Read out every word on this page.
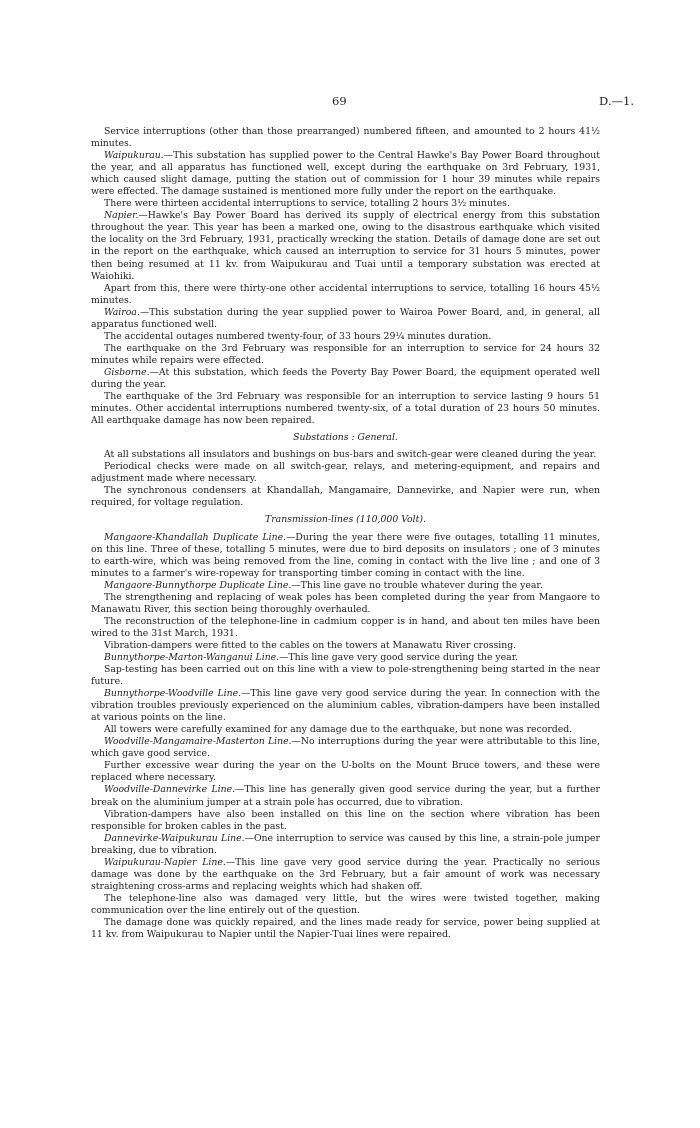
69	D.—1.

Service interruptions (other than those prearranged) numbered fifteen, and amounted to 2 hours 41½ minutes.

Waipukurau.—This substation has supplied power to the Central Hawke's Bay Power Board throughout the year, and all apparatus has functioned well, except during the earthquake on 3rd February, 1931, which caused slight damage, putting the station out of commission for 1 hour 39 minutes while repairs were effected. The damage sustained is mentioned more fully under the report on the earthquake.

There were thirteen accidental interruptions to service, totalling 2 hours 3½ minutes.

Napier.—Hawke's Bay Power Board has derived its supply of electrical energy from this substation throughout the year. This year has been a marked one, owing to the disastrous earthquake which visited the locality on the 3rd February, 1931, practically wrecking the station. Details of damage done are set out in the report on the earthquake, which caused an interruption to service for 31 hours 5 minutes, power then being resumed at 11 kv. from Waipukurau and Tuai until a temporary substation was erected at Waiohiki.

Apart from this, there were thirty-one other accidental interruptions to service, totalling 16 hours 45½ minutes.

Wairoa.—This substation during the year supplied power to Wairoa Power Board, and, in general, all apparatus functioned well.

The accidental outages numbered twenty-four, of 33 hours 29¼ minutes duration.

The earthquake on the 3rd February was responsible for an interruption to service for 24 hours 32 minutes while repairs were effected.

Gisborne.—At this substation, which feeds the Poverty Bay Power Board, the equipment operated well during the year.

The earthquake of the 3rd February was responsible for an interruption to service lasting 9 hours 51 minutes. Other accidental interruptions numbered twenty-six, of a total duration of 23 hours 50 minutes. All earthquake damage has now been repaired.

Substations : General.

At all substations all insulators and bushings on bus-bars and switch-gear were cleaned during the year.

Periodical checks were made on all switch-gear, relays, and metering-equipment, and repairs and adjustment made where necessary.

The synchronous condensers at Khandallah, Mangamaire, Dannevirke, and Napier were run, when required, for voltage regulation.

Transmission-lines (110,000 Volt).

Mangaore-Khandallah Duplicate Line.—During the year there were five outages, totalling 11 minutes, on this line. Three of these, totalling 5 minutes, were due to bird deposits on insulators ; one of 3 minutes to earth-wire, which was being removed from the line, coming in contact with the live line ; and one of 3 minutes to a farmer's wire-ropeway for transporting timber coming in contact with the line.

Mangaore-Bunnythorpe Duplicate Line.—This line gave no trouble whatever during the year.

The strengthening and replacing of weak poles has been completed during the year from Mangaore to Manawatu River, this section being thoroughly overhauled.

The reconstruction of the telephone-line in cadmium copper is in hand, and about ten miles have been wired to the 31st March, 1931.

Vibration-dampers were fitted to the cables on the towers at Manawatu River crossing.

Bunnythorpe-Marton-Wanganui Line.—This line gave very good service during the year.

Sap-testing has been carried out on this line with a view to pole-strengthening being started in the near future.

Bunnythorpe-Woodville Line.—This line gave very good service during the year. In connection with the vibration troubles previously experienced on the aluminium cables, vibration-dampers have been installed at various points on the line.

All towers were carefully examined for any damage due to the earthquake, but none was recorded.

Woodville-Mangamaire-Masterton Line.—No interruptions during the year were attributable to this line, which gave good service.

Further excessive wear during the year on the U-bolts on the Mount Bruce towers, and these were replaced where necessary.

Woodville-Dannevirke Line.—This line has generally given good service during the year, but a further break on the aluminium jumper at a strain pole has occurred, due to vibration.

Vibration-dampers have also been installed on this line on the section where vibration has been responsible for broken cables in the past.

Dannevirke-Waipukurau Line.—One interruption to service was caused by this line, a strain-pole jumper breaking, due to vibration.

Waipukurau-Napier Line.—This line gave very good service during the year. Practically no serious damage was done by the earthquake on the 3rd February, but a fair amount of work was necessary straightening cross-arms and replacing weights which had shaken off.

The telephone-line also was damaged very little, but the wires were twisted together, making communication over the line entirely out of the question.

The damage done was quickly repaired, and the lines made ready for service, power being supplied at 11 kv. from Waipukurau to Napier until the Napier-Tuai lines were repaired.
